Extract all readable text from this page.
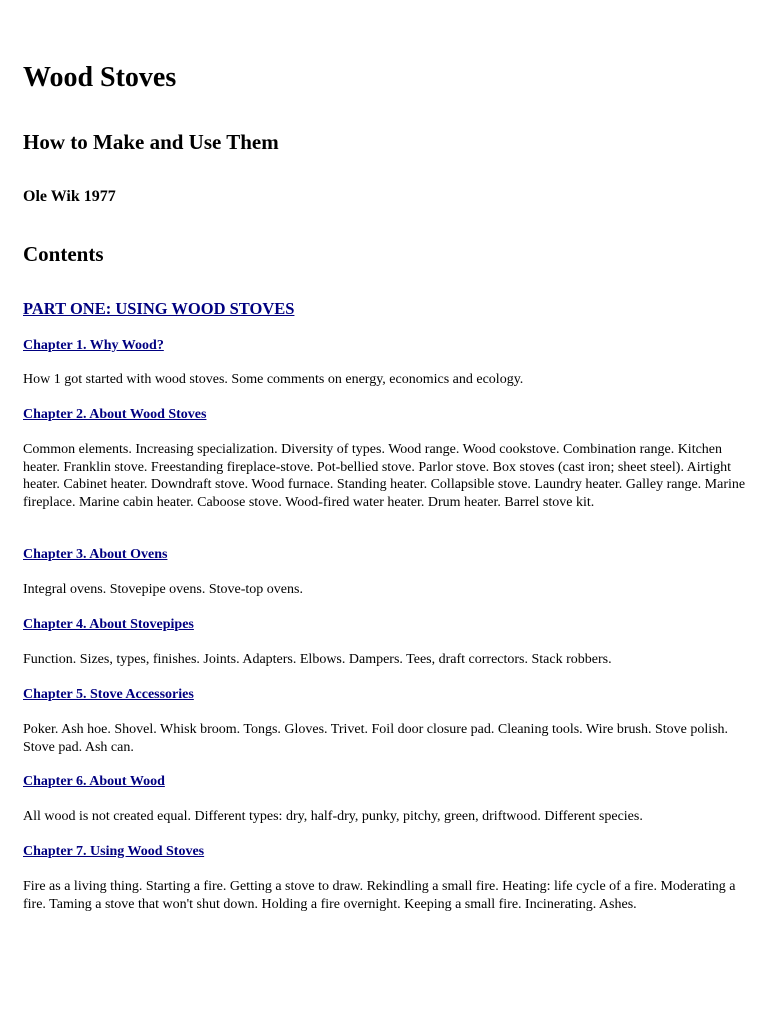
Wood Stoves
How to Make and Use Them

Ole Wik 1977

Contents
PART ONE: USING WOOD STOVES
Chapter 1. Why Wood?

How 1 got started with wood stoves. Some comments on energy, economics and ecology.

Chapter 2. About Wood Stoves

Common elements. Increasing specialization. Diversity of types. Wood range. Wood cookstove. Combination range. Kitchen heater. Franklin stove. Freestanding fireplace-stove. Pot-bellied stove. Parlor stove. Box stoves (cast iron; sheet steel). Airtight heater. Cabinet heater. Downdraft stove. Wood furnace. Standing heater. Collapsible stove. Laundry heater. Galley range. Marine fireplace. Marine cabin heater. Caboose stove. Wood-fired water heater. Drum heater. Barrel stove kit.

Chapter 3. About Ovens

Integral ovens. Stovepipe ovens. Stove-top ovens.

Chapter 4. About Stovepipes

Function. Sizes, types, finishes. Joints. Adapters. Elbows. Dampers. Tees, draft correctors. Stack robbers.

Chapter 5. Stove Accessories

Poker. Ash hoe. Shovel. Whisk broom. Tongs. Gloves. Trivet. Foil door closure pad. Cleaning tools. Wire brush. Stove polish. Stove pad. Ash can.

Chapter 6. About Wood

All wood is not created equal. Different types: dry, half-dry, punky, pitchy, green, driftwood. Different species.

Chapter 7. Using Wood Stoves

Fire as a living thing. Starting a fire. Getting a stove to draw. Rekindling a small fire. Heating: life cycle of a fire. Moderating a fire. Taming a stove that won't shut down. Holding a fire overnight. Keeping a small fire. Incinerating. Ashes.
